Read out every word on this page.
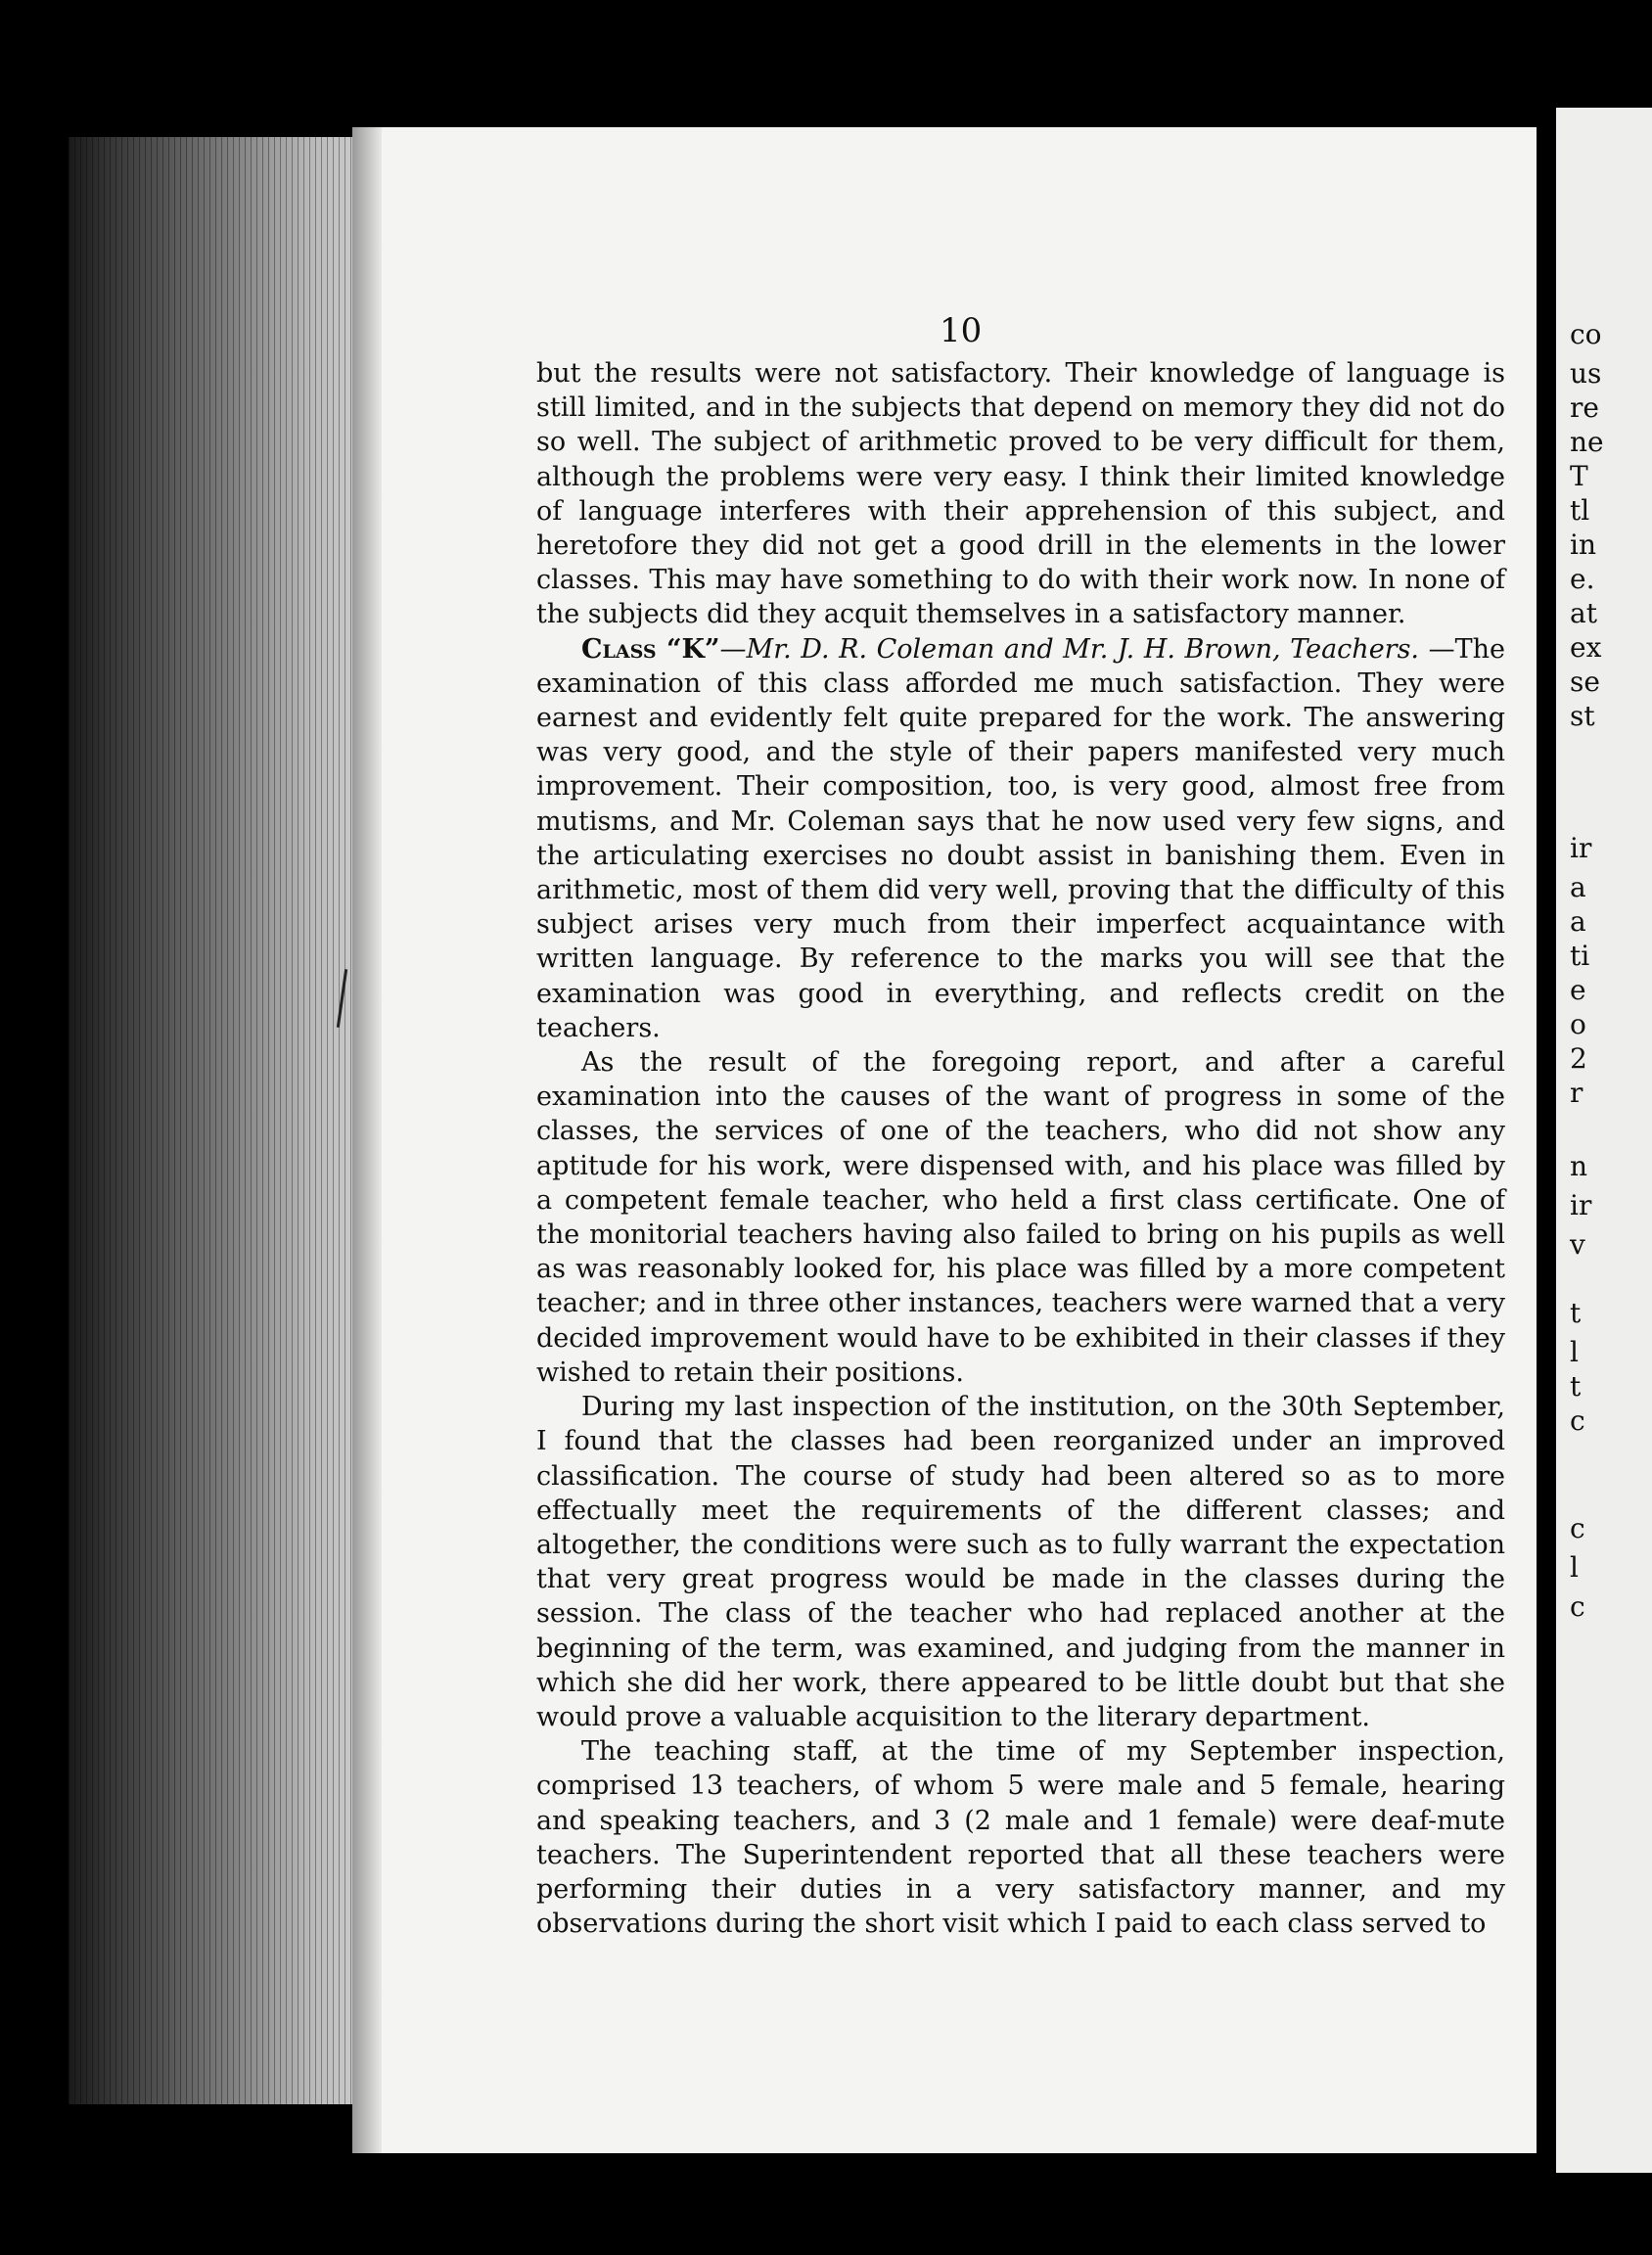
10

but the results were not satisfactory. Their knowledge of language is still limited, and in the subjects that depend on memory they did not do so well. The subject of arithmetic proved to be very difficult for them, although the problems were very easy. I think their limited knowledge of language interferes with their apprehension of this subject, and heretofore they did not get a good drill in the elements in the lower classes. This may have something to do with their work now. In none of the subjects did they acquit themselves in a satisfactory manner.

Class “K”—Mr. D. R. Coleman and Mr. J. H. Brown, Teachers. —The examination of this class afforded me much satisfaction. They were earnest and evidently felt quite prepared for the work. The answering was very good, and the style of their papers manifested very much improvement. Their composition, too, is very good, almost free from mutisms, and Mr. Coleman says that he now used very few signs, and the articulating exercises no doubt assist in banishing them. Even in arithmetic, most of them did very well, proving that the difficulty of this subject arises very much from their imperfect acquaintance with written language. By reference to the marks you will see that the examination was good in everything, and reflects credit on the teachers.

As the result of the foregoing report, and after a careful examination into the causes of the want of progress in some of the classes, the services of one of the teachers, who did not show any aptitude for his work, were dispensed with, and his place was filled by a competent female teacher, who held a first class certificate. One of the monitorial teachers having also failed to bring on his pupils as well as was reasonably looked for, his place was filled by a more competent teacher; and in three other instances, teachers were warned that a very decided improvement would have to be exhibited in their classes if they wished to retain their positions.

During my last inspection of the institution, on the 30th September, I found that the classes had been reorganized under an improved classification. The course of study had been altered so as to more effectually meet the requirements of the different classes; and altogether, the conditions were such as to fully warrant the expectation that very great progress would be made in the classes during the session. The class of the teacher who had replaced another at the beginning of the term, was examined, and judging from the manner in which she did her work, there appeared to be little doubt but that she would prove a valuable acquisition to the literary department.

The teaching staff, at the time of my September inspection, comprised 13 teachers, of whom 5 were male and 5 female, hearing and speaking teachers, and 3 (2 male and 1 female) were deaf-mute teachers. The Superintendent reported that all these teachers were performing their duties in a very satisfactory manner, and my observations during the short visit which I paid to each class served to

co
us
re
ne
T
tl
in
e.
at
ex
se
st
ir
a
a
ti
e
o
2
r
n
ir
v
t
l
t
c
c
l
c
